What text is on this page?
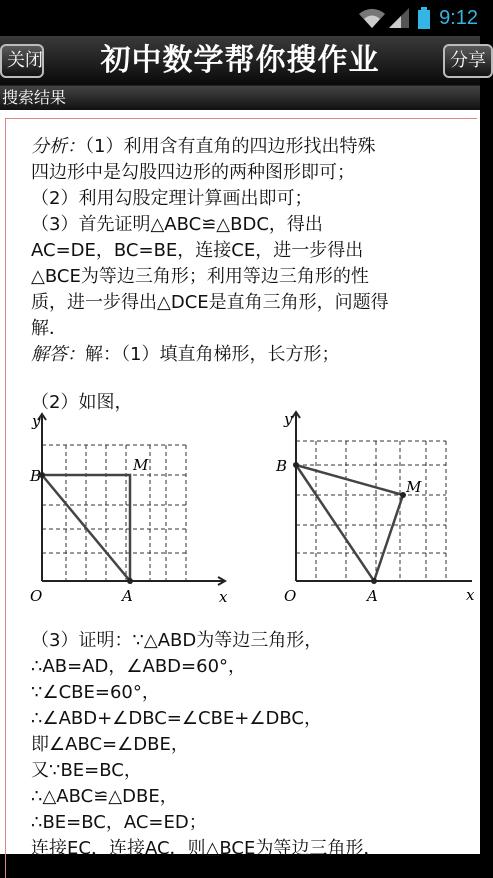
9:12
关闭	初中数学帮你搜作业	分享
搜索结果
分析：（1）利用含有直角的四边形找出特殊
四边形中是勾股四边形的两种图形即可；
（2）利用勾股定理计算画出即可；
（3）首先证明△ABC≌△BDC，得出
AC=DE，BC=BE，连接CE，进一步得出
△BCE为等边三角形；利用等边三角形的性
质，进一步得出△DCE是直角三角形，问题得
解．
解答：解：（1）填直角梯形，长方形；
（2）如图，
y
x
O	A
B
M
y
x
O	A
B
M
（3）证明：∵△ABD为等边三角形，
∴AB=AD，∠ABD=60°，
∵∠CBE=60°，
∴∠ABD+∠DBC=∠CBE+∠DBC，
即∠ABC=∠DBE，
又∵BE=BC，
∴△ABC≌△DBE，
∴BE=BC，AC=ED；
连接EC，连接AC．则△BCE为等边三角形，
